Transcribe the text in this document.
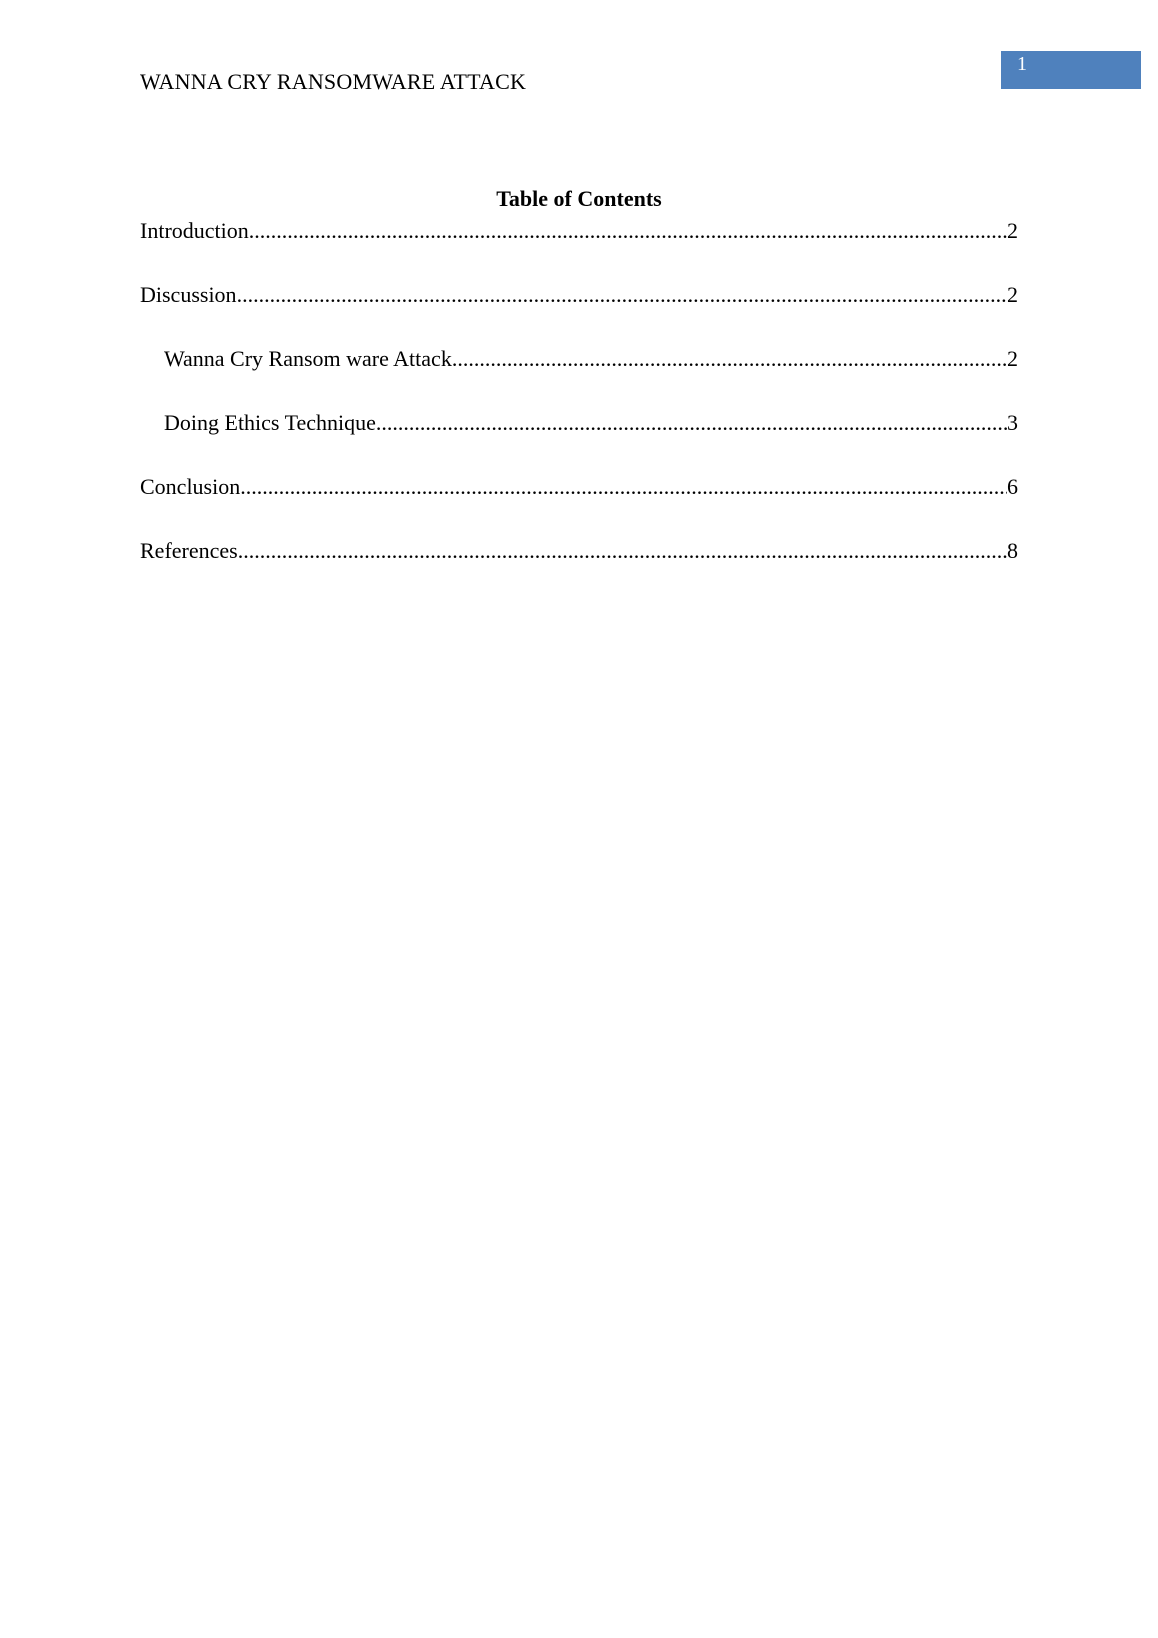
1
WANNA CRY RANSOMWARE ATTACK
Table of Contents
Introduction .....	2
Discussion .....	2
Wanna Cry Ransom ware Attack .....	2
Doing Ethics Technique .....	3
Conclusion .....	6
References .....	8
